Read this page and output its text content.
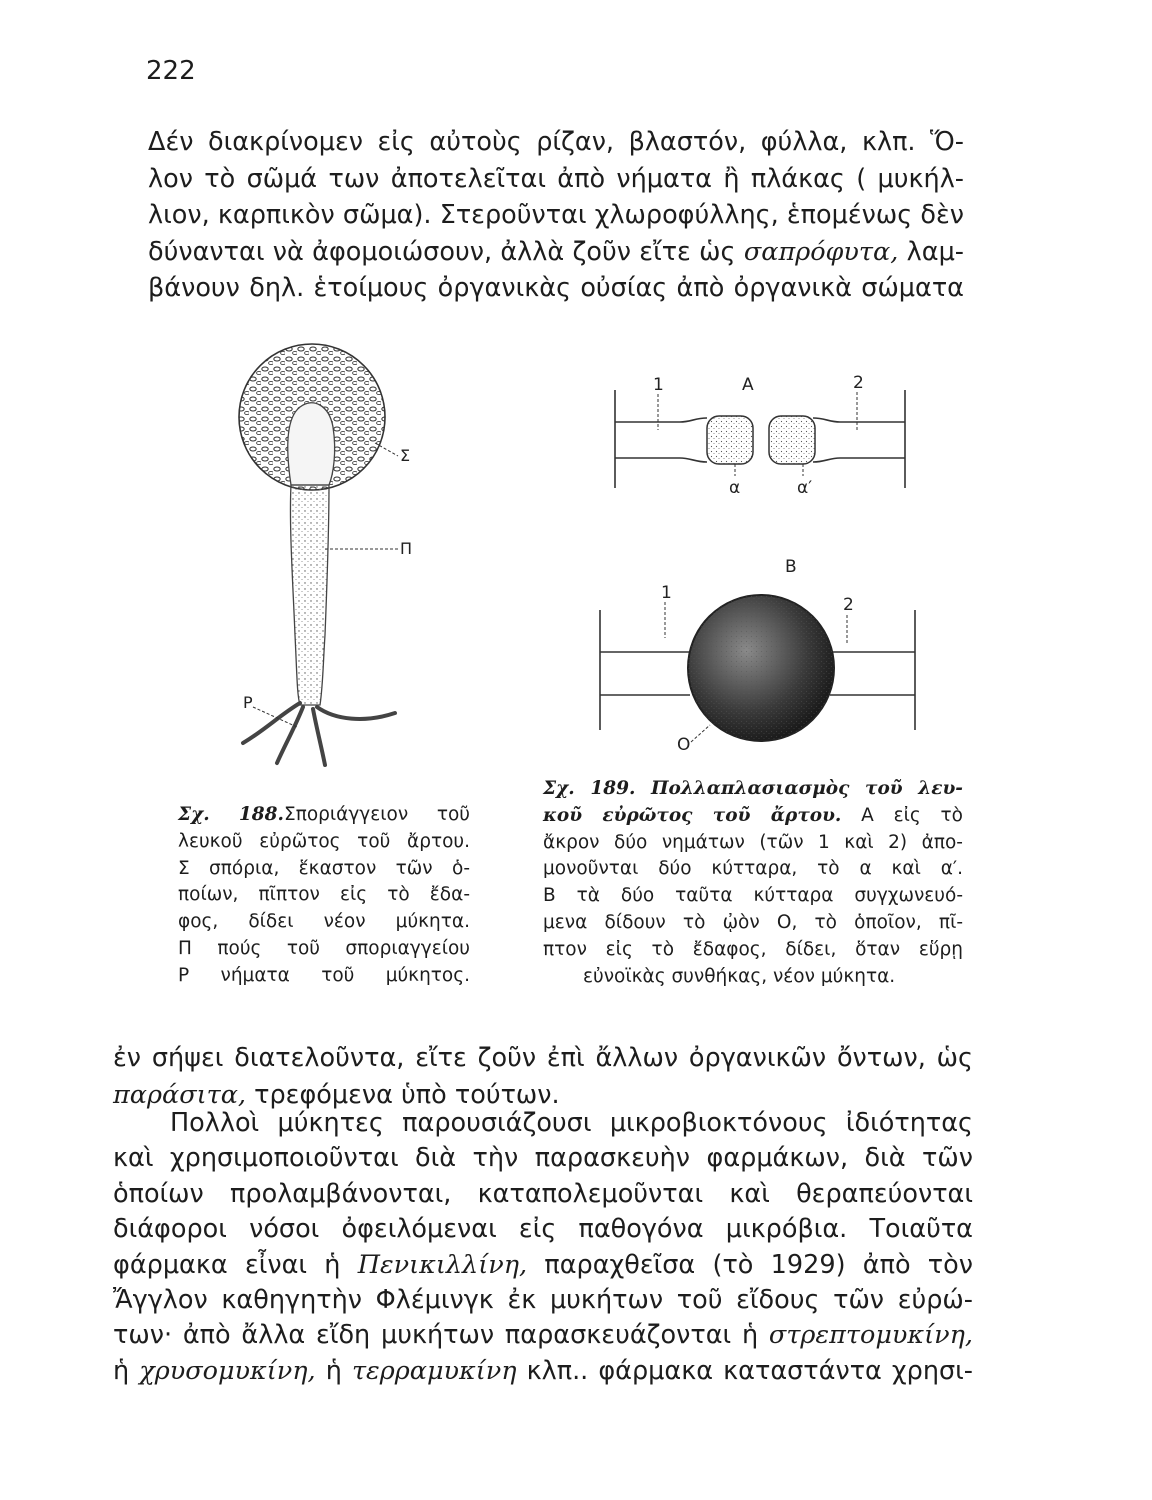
222
Δέν διακρίνομεν εἰς αὐτοὺς ρίζαν, βλαστόν, φύλλα, κλπ. Ὅ-
λον τὸ σῶμά των ἀποτελεῖται ἀπὸ νήματα ἢ πλάκας ( μυκήλ-
λιον, καρπικὸν σῶμα). Στεροῦνται χλωροφύλλης, ἑπομένως δὲν
δύνανται νὰ ἀφομοιώσουν, ἀλλὰ ζοῦν εἴτε ὡς σαπρόφυτα, λαμ-
βάνουν δηλ. ἑτοίμους ὀργανικὰς οὐσίας ἀπὸ ὀργανικὰ σώματα
Σ
Π
Ρ
A
1	2
α	α′
B
1
2
O
Σχ. 188.Σποριάγγειον τοῦ
λευκοῦ εὐρῶτος τοῦ ἄρτου.
Σ σπόρια, ἕκαστον τῶν ὁ-
ποίων, πῖπτον εἰς τὸ ἔδα-
φος, δίδει νέον μύκητα.
Π πούς τοῦ σποριαγγείου
Ρ νήματα τοῦ μύκητος.
Σχ. 189. Πολλαπλασιασμὸς τοῦ λευ-
κοῦ εὐρῶτος τοῦ ἄρτου. A εἰς τὸ
ἄκρον δύο νημάτων (τῶν 1 καὶ 2) ἀπο-
μονοῦνται δύο κύτταρα, τὸ α καὶ α′.
B τὰ δύο ταῦτα κύτταρα συγχωνευό-
μενα δίδουν τὸ ᾠὸν O, τὸ ὁποῖον, πῖ-
πτον εἰς τὸ ἔδαφος, δίδει, ὅταν εὕρῃ
εὐνοϊκὰς συνθήκας, νέον μύκητα.
ἐν σήψει διατελοῦντα, εἴτε ζοῦν ἐπὶ ἄλλων ὀργανικῶν ὄντων, ὡς
παράσιτα, τρεφόμενα ὑπὸ τούτων.
Πολλοὶ μύκητες παρουσιάζουσι μικροβιοκτόνους ἰδιότητας
καὶ χρησιμοποιοῦνται διὰ τὴν παρασκευὴν φαρμάκων, διὰ τῶν
ὁποίων προλαμβάνονται, καταπολεμοῦνται καὶ θεραπεύονται
διάφοροι νόσοι ὀφειλόμεναι εἰς παθογόνα μικρόβια. Τοιαῦτα
φάρμακα εἶναι ἡ Πενικιλλίνη, παραχθεῖσα (τὸ 1929) ἀπὸ τὸν
Ἄγγλον καθηγητὴν Φλέμινγκ ἐκ μυκήτων τοῦ εἴδους τῶν εὐρώ-
των· ἀπὸ ἄλλα εἴδη μυκήτων παρασκευάζονται ἡ στρεπτομυκίνη,
ἡ χρυσομυκίνη, ἡ τερραμυκίνη κλπ.. φάρμακα καταστάντα χρησι-
